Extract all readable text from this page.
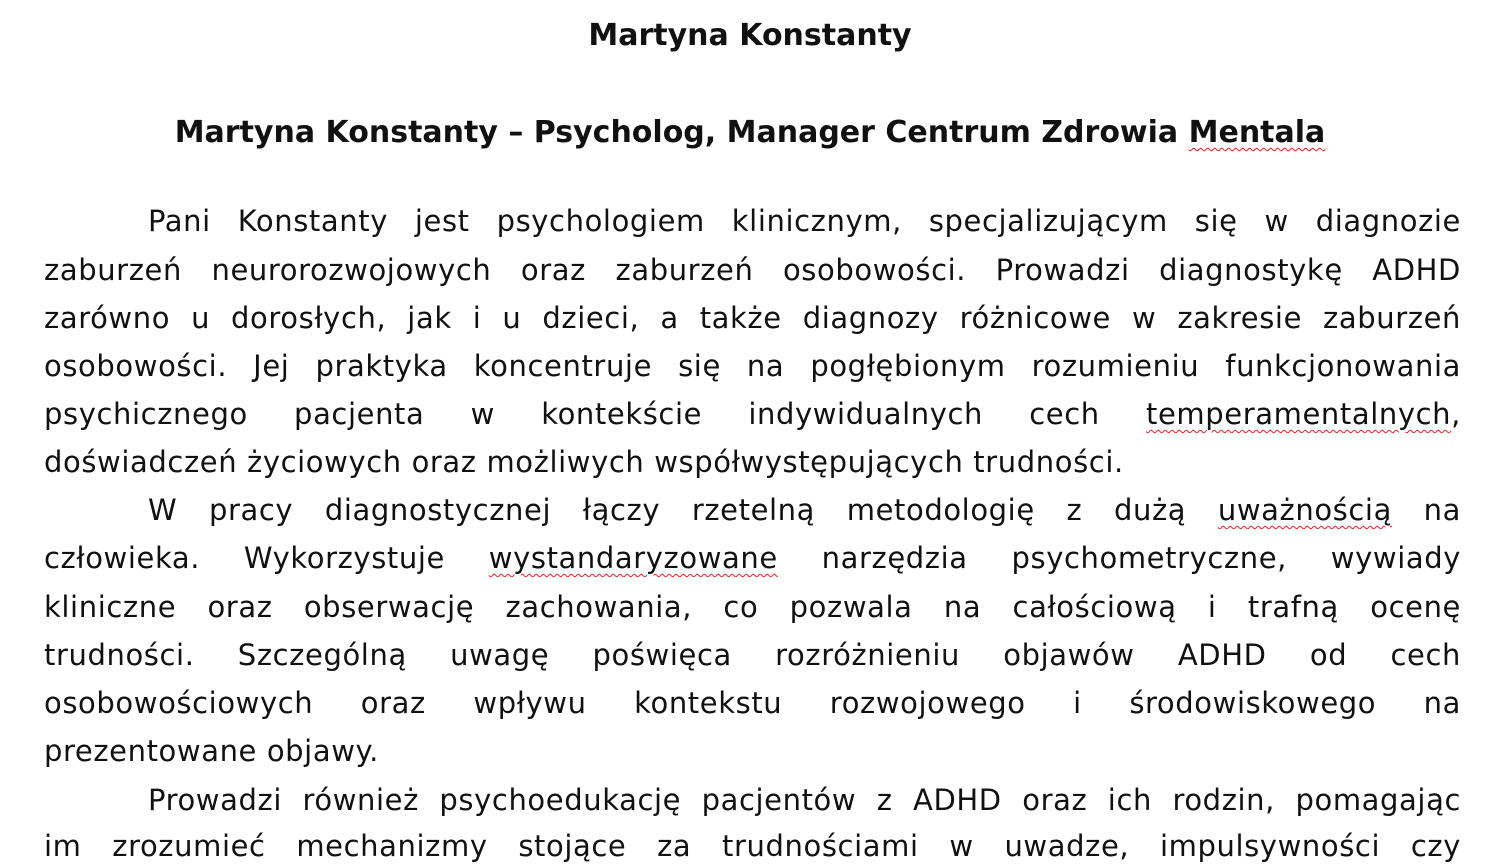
Martyna Konstanty
Martyna Konstanty – Psycholog, Manager Centrum Zdrowia Mentala
Pani Konstanty jest psychologiem klinicznym, specjalizującym się w diagnozie
zaburzeń neurorozwojowych oraz zaburzeń osobowości. Prowadzi diagnostykę ADHD
zarówno u dorosłych, jak i u dzieci, a także diagnozy różnicowe w zakresie zaburzeń
osobowości. Jej praktyka koncentruje się na pogłębionym rozumieniu funkcjonowania
psychicznego pacjenta w kontekście indywidualnych cech temperamentalnych,
doświadczeń życiowych oraz możliwych współwystępujących trudności.
W pracy diagnostycznej łączy rzetelną metodologię z dużą uważnością na
człowieka. Wykorzystuje wystandaryzowane narzędzia psychometryczne, wywiady
kliniczne oraz obserwację zachowania, co pozwala na całościową i trafną ocenę
trudności. Szczególną uwagę poświęca rozróżnieniu objawów ADHD od cech
osobowościowych oraz wpływu kontekstu rozwojowego i środowiskowego na
prezentowane objawy.
Prowadzi również psychoedukację pacjentów z ADHD oraz ich rodzin, pomagając
im zrozumieć mechanizmy stojące za trudnościami w uwadze, impulsywności czy
